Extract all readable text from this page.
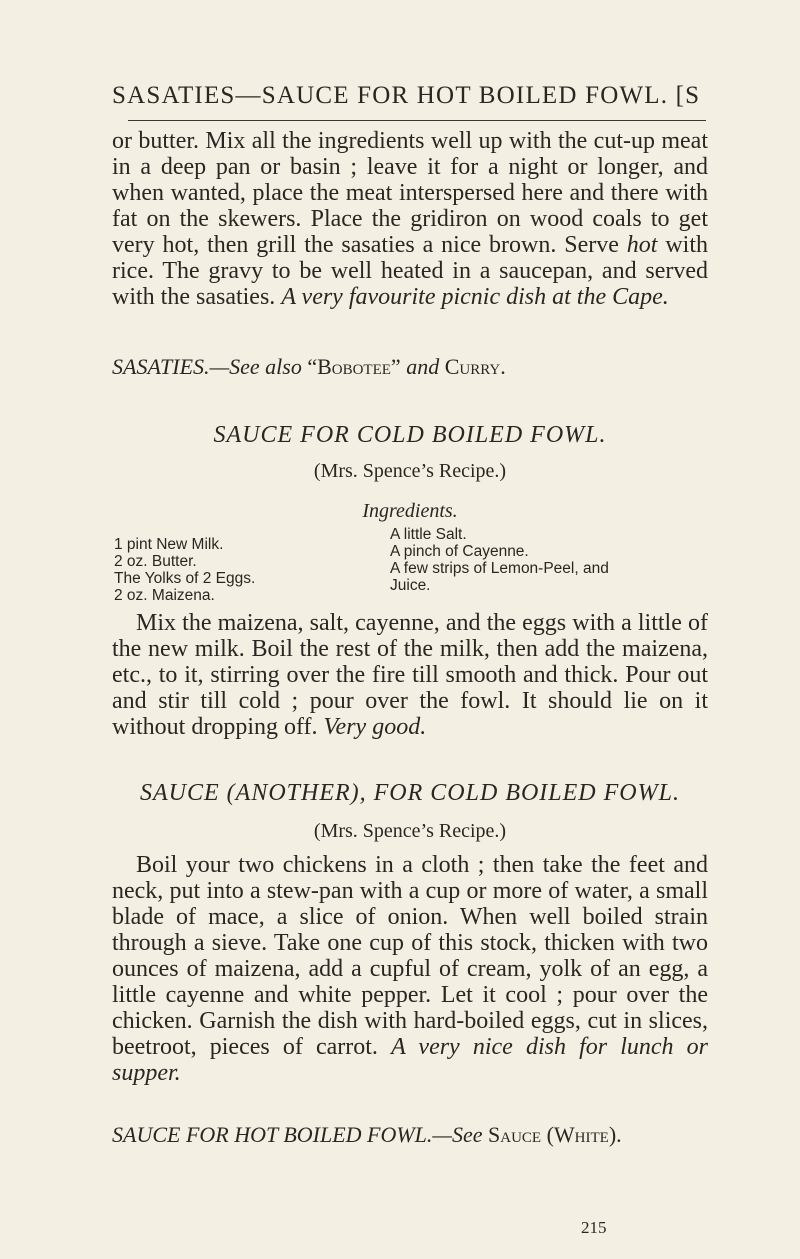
SASATIES—SAUCE FOR HOT BOILED FOWL. [S

or butter. Mix all the ingredients well up with the cut-up meat in a deep pan or basin ; leave it for a night or longer, and when wanted, place the meat interspersed here and there with fat on the skewers. Place the gridiron on wood coals to get very hot, then grill the sasaties a nice brown. Serve hot with rice. The gravy to be well heated in a saucepan, and served with the sasaties. A very favourite picnic dish at the Cape.

SASATIES.—See also “Bobotee” and Curry.
SAUCE FOR COLD BOILED FOWL.
(Mrs. Spence’s Recipe.)
Ingredients.
1 pint New Milk.
2 oz. Butter.
The Yolks of 2 Eggs.
2 oz. Maizena.
A little Salt.
A pinch of Cayenne.
A few strips of Lemon-Peel, and
Juice.

Mix the maizena, salt, cayenne, and the eggs with a little of the new milk. Boil the rest of the milk, then add the maizena, etc., to it, stirring over the fire till smooth and thick. Pour out and stir till cold ; pour over the fowl. It should lie on it without dropping off. Very good.

SAUCE (ANOTHER), FOR COLD BOILED FOWL.
(Mrs. Spence’s Recipe.)

Boil your two chickens in a cloth ; then take the feet and neck, put into a stew-pan with a cup or more of water, a small blade of mace, a slice of onion. When well boiled strain through a sieve. Take one cup of this stock, thicken with two ounces of maizena, add a cupful of cream, yolk of an egg, a little cayenne and white pepper. Let it cool ; pour over the chicken. Garnish the dish with hard-boiled eggs, cut in slices, beetroot, pieces of carrot. A very nice dish for lunch or supper.

SAUCE FOR HOT BOILED FOWL.—See Sauce (White).
215
